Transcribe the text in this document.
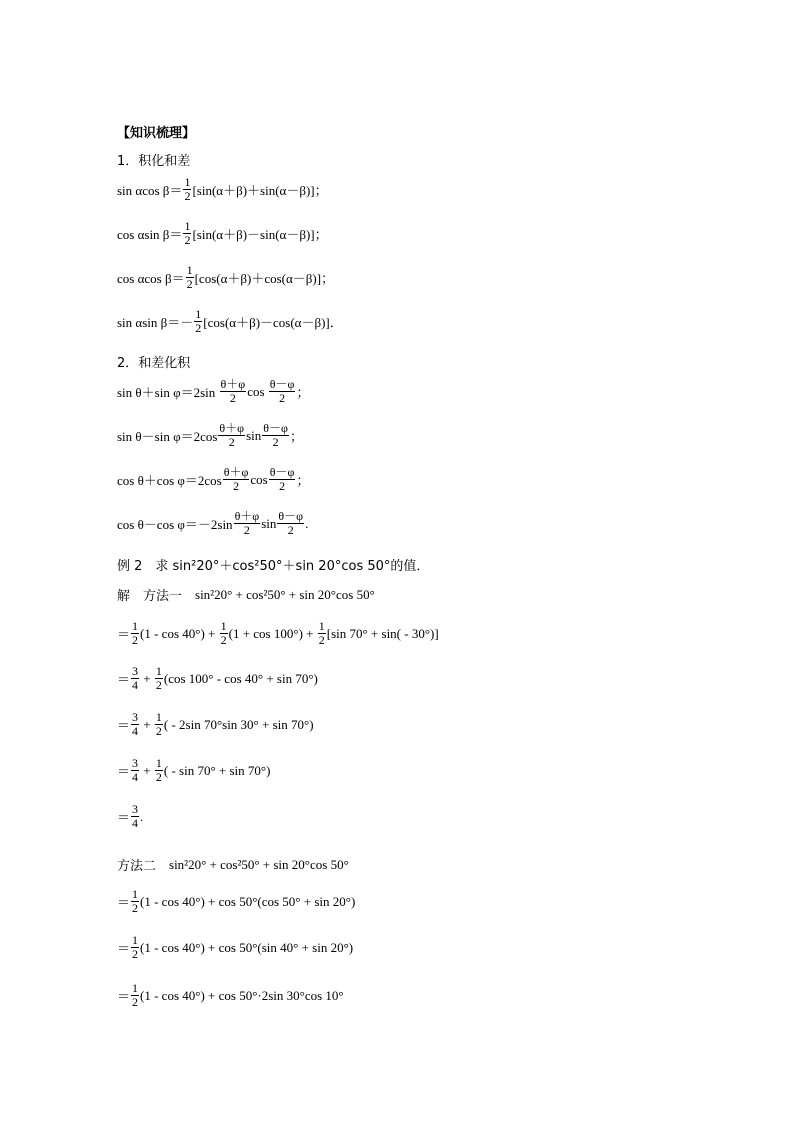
【知识梳理】
1．积化和差
sin αcos $\beta= \frac{1}{2} [\sin(\alpha+\beta)+\sin(\alpha-\beta)]$；
cos αsin $\beta= \frac{1}{2} [\sin(\alpha+\beta)-\sin(\alpha-\beta)]$；
cos αcos $\beta= \frac{1}{2} [\cos(\alpha+\beta)+\cos(\alpha-\beta)]$；
sin αsin $\beta=- \frac{1}{2} [\cos(\alpha+\beta)-\cos(\alpha-\beta)]$．
2．和差化积
sin θ＋sin $\varphi=2\sin \frac{\theta+\varphi}{2}$ $\cos \frac{\theta-\varphi}{2}$ ；
sin θ－sin $\varphi=2\cos \frac{\theta+\varphi}{2}$ $\sin \frac{\theta-\varphi}{2}$ ；
cos θ＋cos $\varphi=2\cos \frac{\theta+\varphi}{2}$ $\cos \frac{\theta-\varphi}{2}$ ；
cos θ－cos $\varphi=-2\sin \frac{\theta+\varphi}{2}$ $\sin \frac{\theta-\varphi}{2}$ .
例 2　求 sin²20°＋cos²50°＋sin 20°cos 50°的值．
解　方法一　 sin²20° + cos²50° + sin 20°cos 50°
＝ $\frac{1}{2} (1 - \cos 40^\circ) + \frac{1}{2} (1 + \cos 100^\circ) + \frac{1}{2} [\sin$ 70° + sin( - 30°)]
＝ $\frac{3}{4} + \frac{1}{2} (\cos$ 100° - cos 40° + sin 70°)
＝ $\frac{3}{4} + \frac{1}{2}$ ( - 2sin 70°sin 30° + sin 70°)
＝ $\frac{3}{4} + \frac{1}{2}$ ( - sin 70° + sin 70°)
＝ $\frac{3}{4}$ .
方法二　 sin²20° + cos²50° + sin 20°cos 50°
＝ $\frac{1}{2} (1 - \cos 40^\circ) + \cos 50^\circ(\cos$ 50° + sin 20°)
＝ $\frac{1}{2} (1 - \cos 40^\circ) + \cos 50^\circ(\sin$ 40° + sin 20°)
＝ $\frac{1}{2} (1 - \cos 40^\circ) + \cos 50^\circ\cdot 2\sin$ 30°cos 10°
